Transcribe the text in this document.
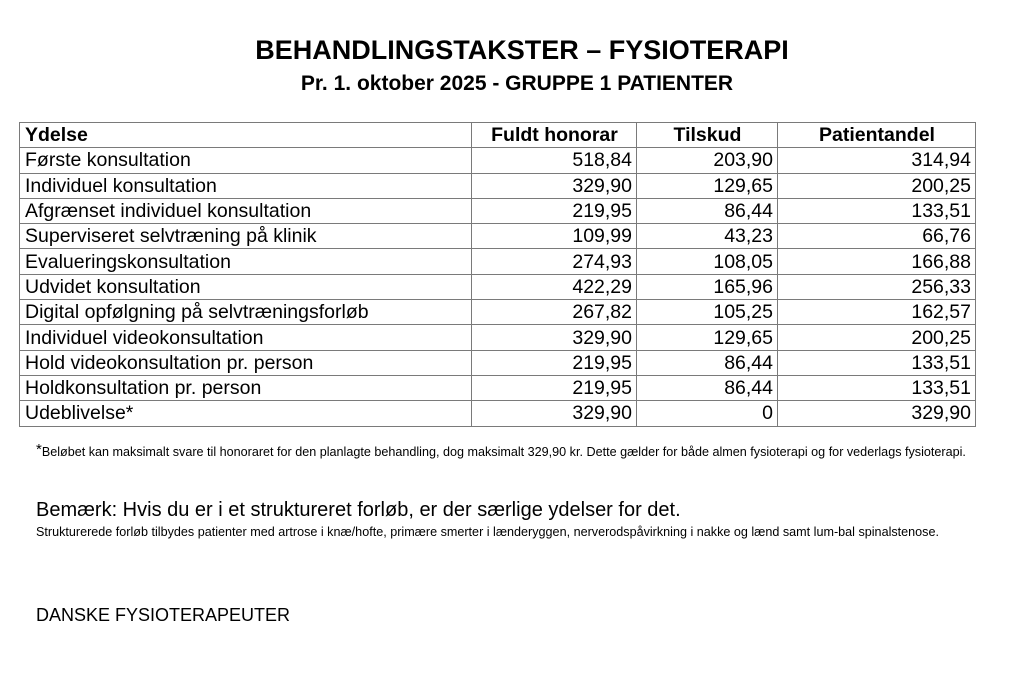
BEHANDLINGSTAKSTER – FYSIOTERAPI
Pr. 1. oktober 2025 - GRUPPE 1 PATIENTER
Ydelse	Fuldt honorar	Tilskud	Patientandel
Første konsultation	518,84	203,90	314,94
Individuel konsultation	329,90	129,65	200,25
Afgrænset individuel konsultation	219,95	86,44	133,51
Superviseret selvtræning på klinik	109,99	43,23	66,76
Evalueringskonsultation	274,93	108,05	166,88
Udvidet konsultation	422,29	165,96	256,33
Digital opfølgning på selvtræningsforløb	267,82	105,25	162,57
Individuel videokonsultation	329,90	129,65	200,25
Hold videokonsultation pr. person	219,95	86,44	133,51
Holdkonsultation pr. person	219,95	86,44	133,51
Udeblivelse*	329,90	0	329,90
*Beløbet kan maksimalt svare til honoraret for den planlagte behandling, dog maksimalt 329,90 kr. Dette gælder for både almen fysioterapi og for vederlags fysioterapi.
Bemærk: Hvis du er i et struktureret forløb, er der særlige ydelser for det.
Strukturerede forløb tilbydes patienter med artrose i knæ/hofte, primære smerter i lænderyggen, nerverodspåvirkning i nakke og lænd samt lum-bal spinalstenose.
DANSKE FYSIOTERAPEUTER
